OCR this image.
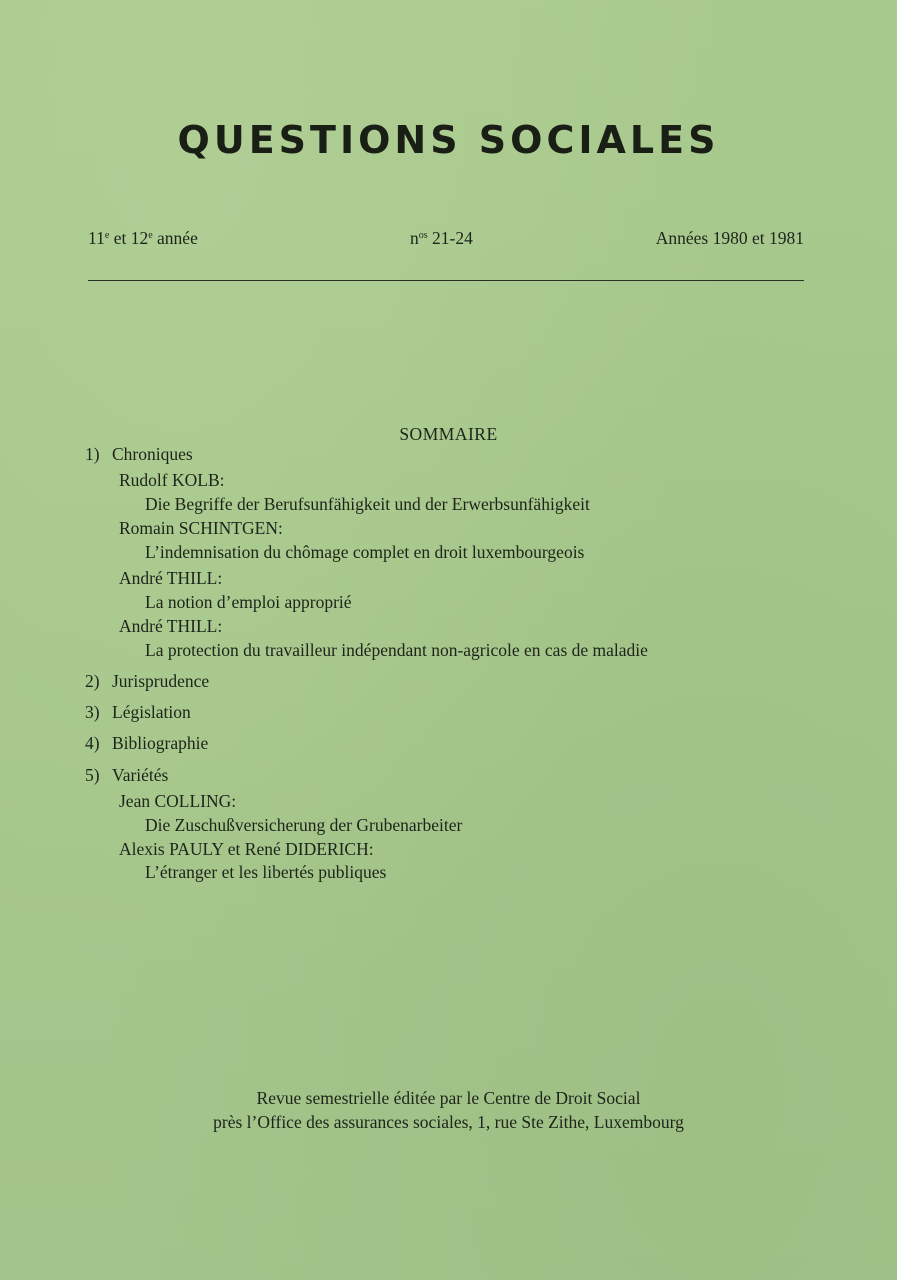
QUESTIONS SOCIALES
11e et 12e année	$n^{os}$ 21-24	Années 1980 et 1981
SOMMAIRE
1) Chroniques
Rudolf KOLB:
Die Begriffe der Berufsunfähigkeit und der Erwerbsunfähigkeit
Romain SCHINTGEN:
L’indemnisation du chômage complet en droit luxembourgeois
André THILL:
La notion d’emploi approprié
André THILL:
La protection du travailleur indépendant non-agricole en cas de maladie
2) Jurisprudence
3) Législation
4) Bibliographie
5) Variétés
Jean COLLING:
Die Zuschußversicherung der Grubenarbeiter
Alexis PAULY et René DIDERICH:
L’étranger et les libertés publiques
Revue semestrielle éditée par le Centre de Droit Social
près l’Office des assurances sociales, 1, rue Ste Zithe, Luxembourg
